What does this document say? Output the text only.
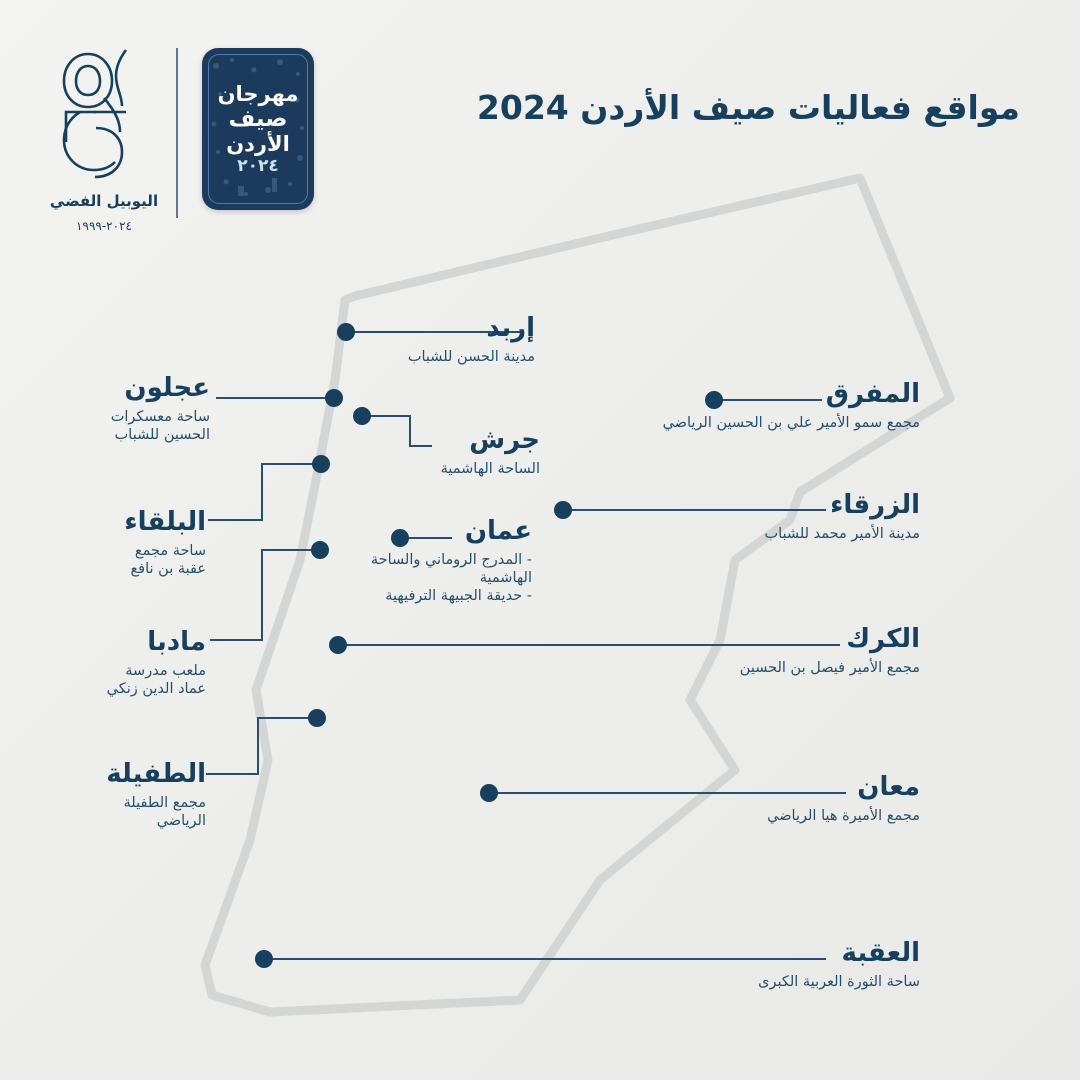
اليوبيل الفضي
٢٠٢٤-١٩٩٩
مهرجان
صيف
الأردن
٢٠٢٤
مواقع فعاليات صيف الأردن 2024
إربد
مدينة الحسن للشباب
عجلون
ساحة معسكرات
الحسين للشباب	جرش
الساحة الهاشمية
البلقاء
ساحة مجمع
عقبة بن نافع
مادبا
ملعب مدرسة
عماد الدين زنكي
الطفيلة
مجمع الطفيلة
الرياضي
المفرق
مجمع سمو الأمير علي بن الحسين الرياضي
الزرقاء
مدينة الأمير محمد للشباب
عمان
- المدرج الروماني والساحة
الهاشمية
- حديقة الجبيهة الترفيهية
الكرك
مجمع الأمير فيصل بن الحسين
معان
مجمع الأميرة هيا الرياضي
العقبة
ساحة الثورة العربية الكبرى
